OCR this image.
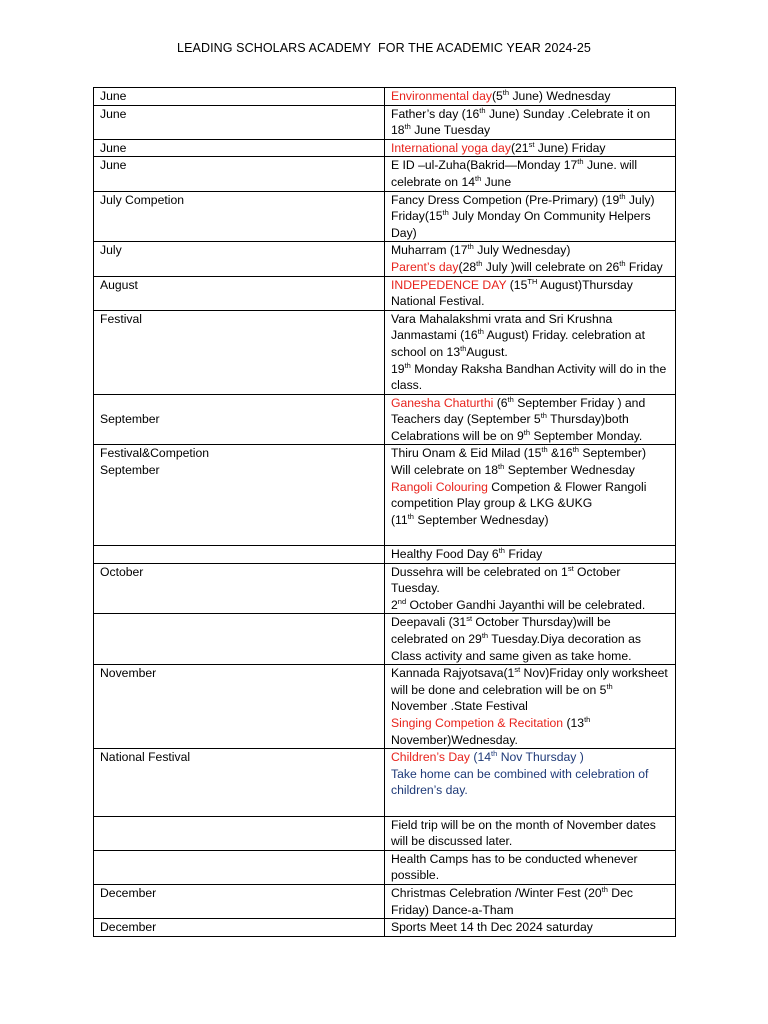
LEADING SCHOLARS ACADEMY  FOR THE ACADEMIC YEAR 2024-25
June	Environmental day(5th June) Wednesday

June	Father’s day (16th June) Sunday .Celebrate it on 18th June Tuesday

June	International yoga day(21st June) Friday

June	E ID –ul-Zuha(Bakrid—Monday 17th June. will celebrate on 14th June

July Competion	Fancy Dress Competion (Pre-Primary) (19th July) Friday(15th July Monday On Community Helpers Day)

July	Muharram (17th July Wednesday)
Parent’s day(28th July )will celebrate on 26th Friday

August	INDEPEDENCE DAY (15TH August)Thursday National Festival.

Festival	Vara Mahalakshmi vrata and Sri Krushna Janmastami (16th August) Friday. celebration at school on 13thAugust.
19th Monday Raksha Bandhan Activity will do in the class.

September	Ganesha Chaturthi (6th September Friday ) and Teachers day (September 5th Thursday)both Celabrations will be on 9th September Monday.

Festival&Competion
September	Thiru Onam & Eid Milad (15th &16th September) Will celebrate on 18th September Wednesday
Rangoli Colouring Competion & Flower Rangoli competition Play group & LKG &UKG
(11th September Wednesday)

	Healthy Food Day 6th Friday

October	Dussehra will be celebrated on 1st October Tuesday.
2nd October Gandhi Jayanthi will be celebrated.

	Deepavali (31st October Thursday)will be celebrated on 29th Tuesday.Diya decoration as Class activity and same given as take home.

November	Kannada Rajyotsava(1st Nov)Friday only worksheet will be done and celebration will be on 5th November .State Festival
Singing Competion & Recitation (13th November)Wednesday.

National Festival	Children’s Day (14th Nov Thursday )
Take home can be combined with celebration of children’s day.

	Field trip will be on the month of November dates will be discussed later.

	Health Camps has to be conducted whenever possible.

December	Christmas Celebration /Winter Fest (20th Dec Friday) Dance-a-Tham

December	Sports Meet 14 th Dec 2024 saturday
